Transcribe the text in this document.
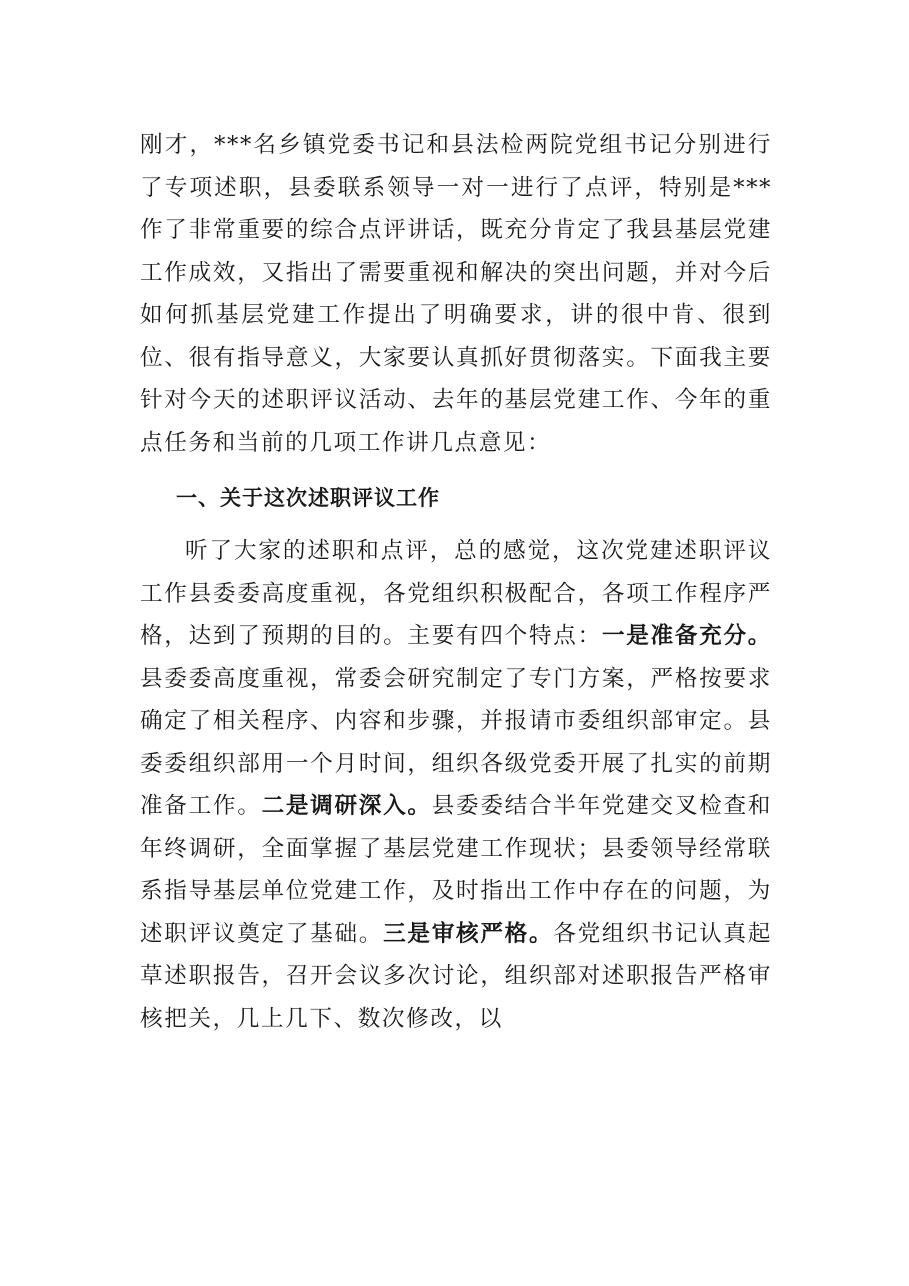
刚才，***名乡镇党委书记和县法检两院党组书记分别进行了专项述职，县委联系领导一对一进行了点评，特别是***作了非常重要的综合点评讲话，既充分肯定了我县基层党建工作成效，又指出了需要重视和解决的突出问题，并对今后如何抓基层党建工作提出了明确要求，讲的很中肯、很到位、很有指导意义，大家要认真抓好贯彻落实。下面我主要针对今天的述职评议活动、去年的基层党建工作、今年的重点任务和当前的几项工作讲几点意见：

一、关于这次述职评议工作

听了大家的述职和点评，总的感觉，这次党建述职评议工作县委委高度重视，各党组织积极配合，各项工作程序严格，达到了预期的目的。主要有四个特点：一是准备充分。县委委高度重视，常委会研究制定了专门方案，严格按要求确定了相关程序、内容和步骤，并报请市委组织部审定。县委委组织部用一个月时间，组织各级党委开展了扎实的前期准备工作。二是调研深入。县委委结合半年党建交叉检查和年终调研，全面掌握了基层党建工作现状；县委领导经常联系指导基层单位党建工作，及时指出工作中存在的问题，为述职评议奠定了基础。三是审核严格。各党组织书记认真起草述职报告，召开会议多次讨论，组织部对述职报告严格审核把关，几上几下、数次修改，以
